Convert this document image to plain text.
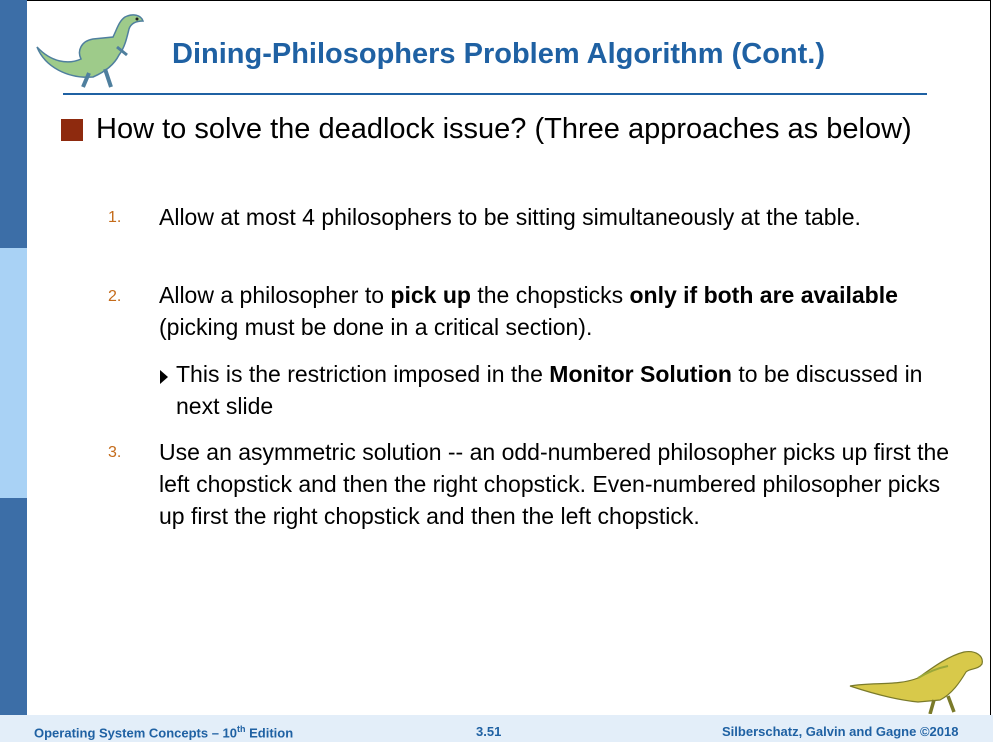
Dining-Philosophers Problem Algorithm (Cont.)
How to solve the deadlock issue? (Three approaches as below)
1. Allow at most 4 philosophers to be sitting simultaneously at the table.
2. Allow a philosopher to pick up the chopsticks only if both are available (picking must be done in a critical section).
This is the restriction imposed in the Monitor Solution to be discussed in next slide
3. Use an asymmetric solution -- an odd-numbered philosopher picks up first the left chopstick and then the right chopstick. Even-numbered philosopher picks up first the right chopstick and then the left chopstick.
Operating System Concepts – 10th Edition	3.51	Silberschatz, Galvin and Gagne ©2018
